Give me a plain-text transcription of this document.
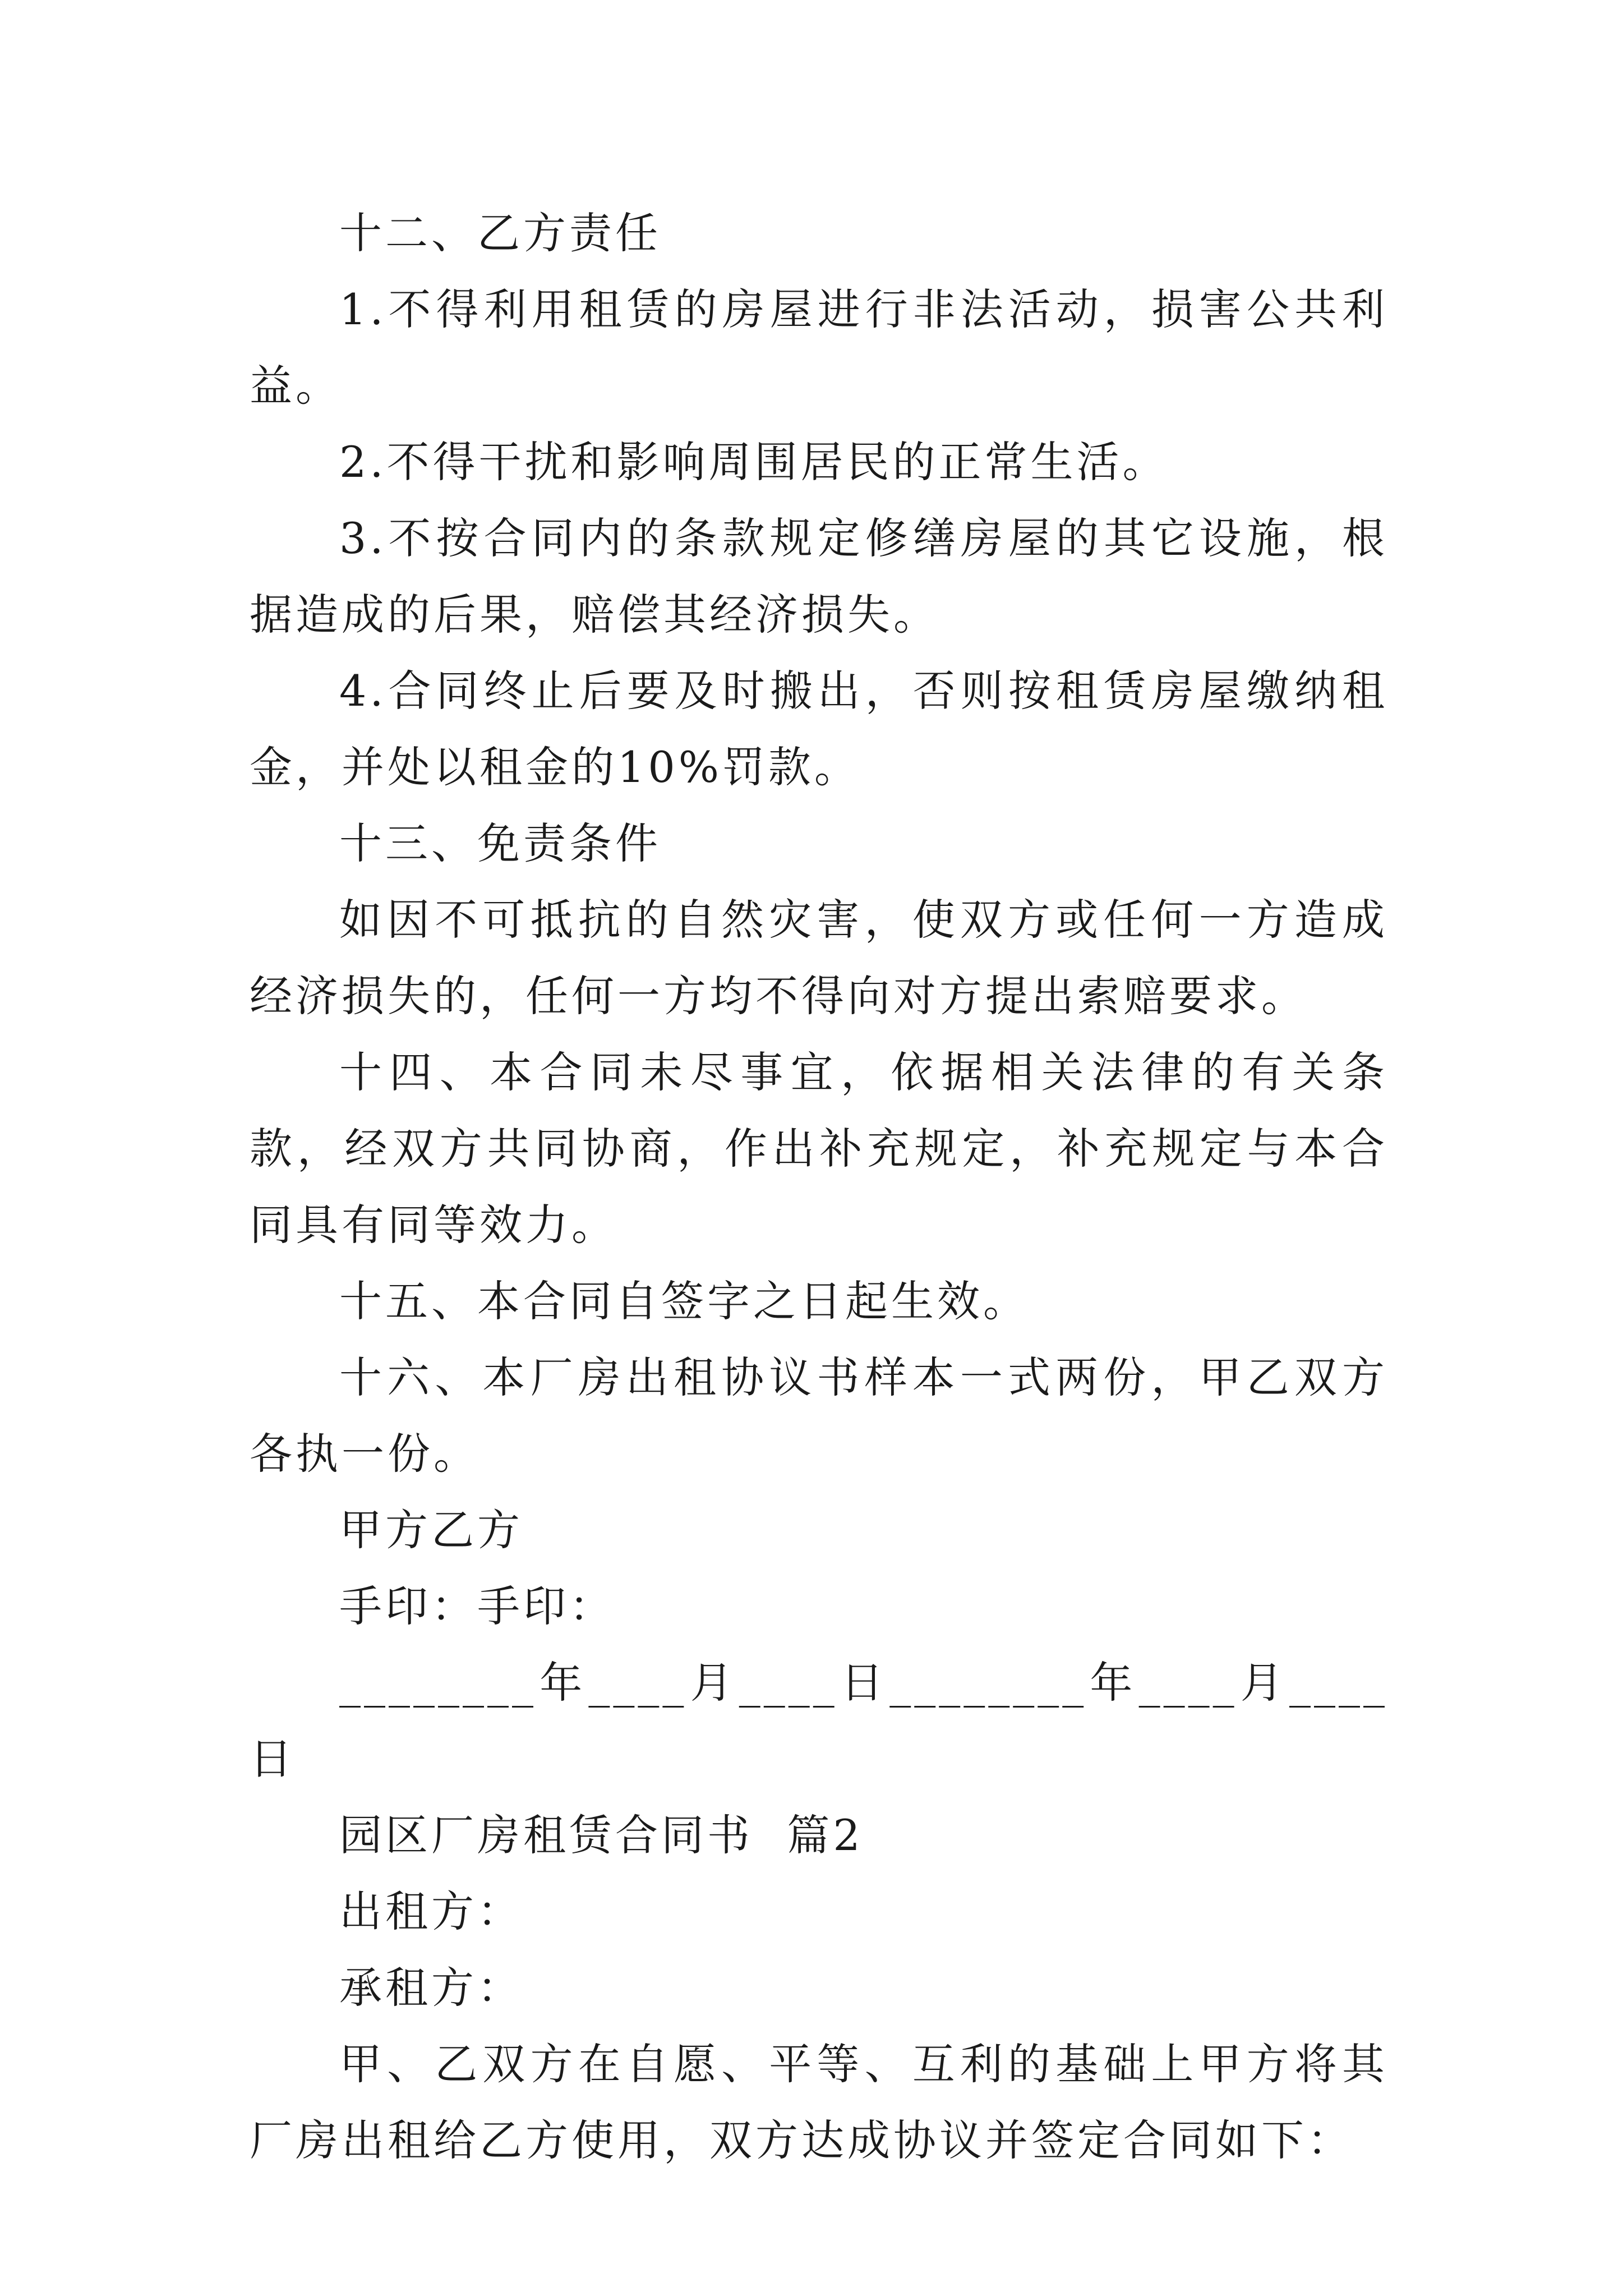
十二、乙方责任

1.不得利用租赁的房屋进行非法活动，损害公共利益。

2.不得干扰和影响周围居民的正常生活。

3.不按合同内的条款规定修缮房屋的其它设施，根据造成的后果，赔偿其经济损失。

4.合同终止后要及时搬出，否则按租赁房屋缴纳租金，并处以租金的10%罚款。

十三、免责条件

如因不可抵抗的自然灾害，使双方或任何一方造成经济损失的，任何一方均不得向对方提出索赔要求。

十四、本合同未尽事宜，依据相关法律的有关条款，经双方共同协商，作出补充规定，补充规定与本合同具有同等效力。

十五、本合同自签字之日起生效。

十六、本厂房出租协议书样本一式两份，甲乙双方各执一份。

甲方乙方

手印：手印：

________年____月____日________年____月____日

园区厂房租赁合同书  篇2

出租方：

承租方：

甲、乙双方在自愿、平等、互利的基础上甲方将其厂房出租给乙方使用，双方达成协议并签定合同如下：
